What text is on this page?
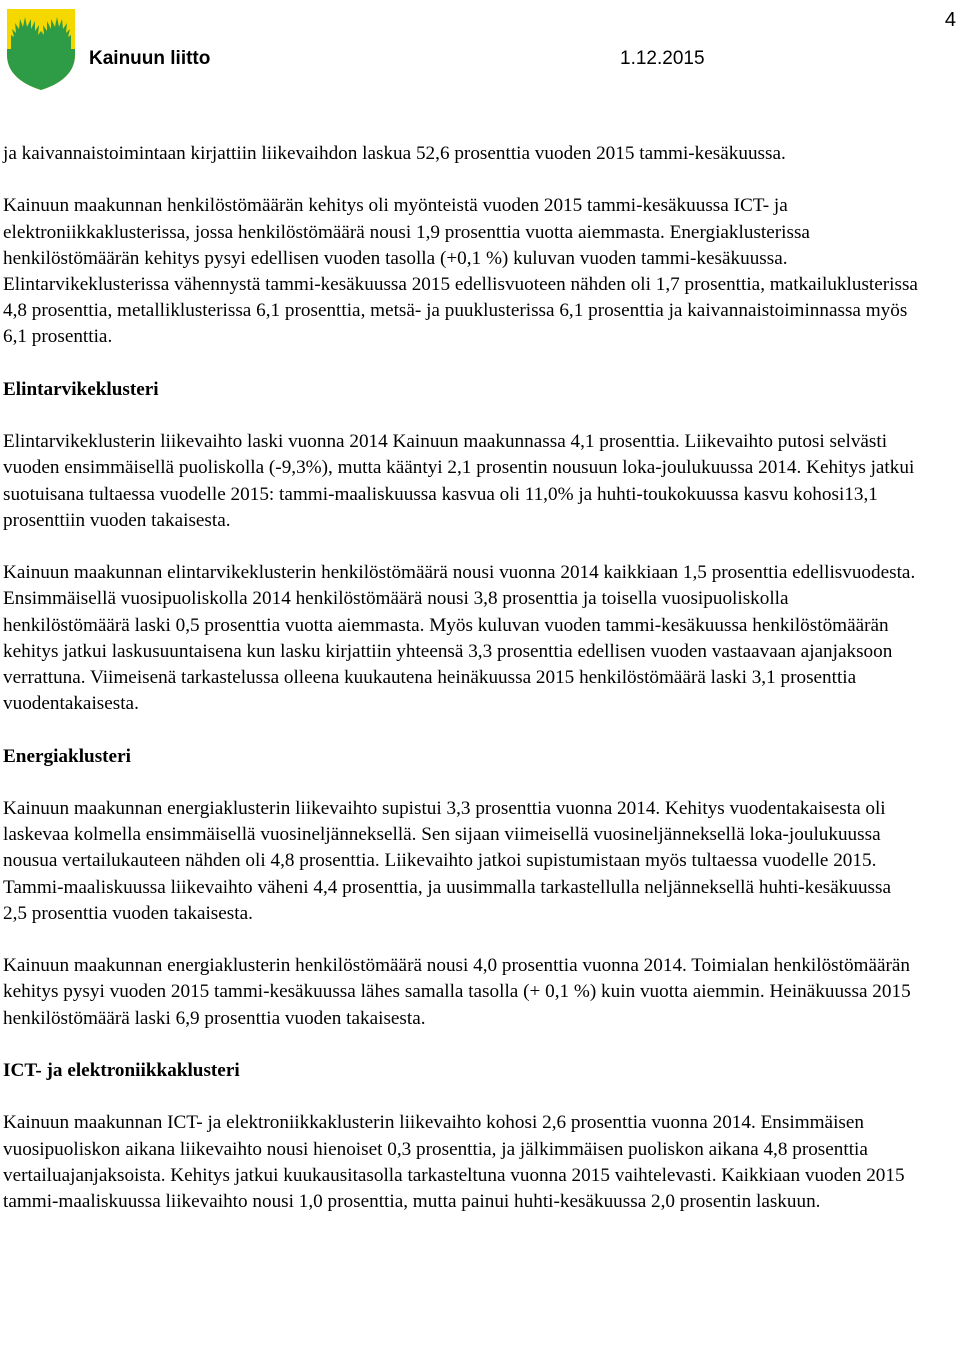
4
Kainuun liitto	1.12.2015

ja kaivannaistoimintaan kirjattiin liikevaihdon laskua 52,6 prosenttia vuoden 2015 tammi-kesäkuussa.

Kainuun maakunnan henkilöstömäärän kehitys oli myönteistä vuoden 2015 tammi-kesäkuussa ICT- ja elektroniikkaklusterissa, jossa henkilöstömäärä nousi 1,9 prosenttia vuotta aiemmasta. Energiaklusterissa henkilöstömäärän kehitys pysyi edellisen vuoden tasolla (+0,1 %) kuluvan vuoden tammi-kesäkuussa. Elintarvikeklusterissa vähennystä tammi-kesäkuussa 2015 edellisvuoteen nähden oli 1,7 prosenttia, matkailuklusterissa 4,8 prosenttia, metalliklusterissa 6,1 prosenttia, metsä- ja puuklusterissa 6,1 prosenttia ja kaivannaistoiminnassa myös 6,1 prosenttia.

Elintarvikeklusteri

Elintarvikeklusterin liikevaihto laski vuonna 2014 Kainuun maakunnassa 4,1 prosenttia. Liikevaihto putosi selvästi vuoden ensimmäisellä puoliskolla (-9,3%), mutta kääntyi 2,1 prosentin nousuun loka-joulukuussa 2014. Kehitys jatkui suotuisana tultaessa vuodelle 2015: tammi-maaliskuussa kasvua oli 11,0% ja huhti-toukokuussa kasvu kohosi13,1 prosenttiin vuoden takaisesta.

Kainuun maakunnan elintarvikeklusterin henkilöstömäärä nousi vuonna 2014 kaikkiaan 1,5 prosenttia edellisvuodesta. Ensimmäisellä vuosipuoliskolla 2014 henkilöstömäärä nousi 3,8 prosenttia ja toisella vuosipuoliskolla henkilöstömäärä laski 0,5 prosenttia vuotta aiemmasta. Myös kuluvan vuoden tammi-kesäkuussa henkilöstömäärän kehitys jatkui laskusuuntaisena kun lasku kirjattiin yhteensä 3,3 prosenttia edellisen vuoden vastaavaan ajanjaksoon verrattuna. Viimeisenä tarkastelussa olleena kuukautena heinäkuussa 2015 henkilöstömäärä laski 3,1 prosenttia vuodentakaisesta.

Energiaklusteri

Kainuun maakunnan energiaklusterin liikevaihto supistui 3,3 prosenttia vuonna 2014. Kehitys vuodentakaisesta oli laskevaa kolmella ensimmäisellä vuosineljänneksellä. Sen sijaan viimeisellä vuosineljänneksellä loka-joulukuussa nousua vertailukauteen nähden oli 4,8 prosenttia. Liikevaihto jatkoi supistumistaan myös tultaessa vuodelle 2015. Tammi-maaliskuussa liikevaihto väheni 4,4 prosenttia, ja uusimmalla tarkastellulla neljänneksellä huhti-kesäkuussa 2,5 prosenttia vuoden takaisesta.

Kainuun maakunnan energiaklusterin henkilöstömäärä nousi 4,0 prosenttia vuonna 2014. Toimialan henkilöstömäärän kehitys pysyi vuoden 2015 tammi-kesäkuussa lähes samalla tasolla (+ 0,1 %) kuin vuotta aiemmin. Heinäkuussa 2015 henkilöstömäärä laski 6,9 prosenttia vuoden takaisesta.

ICT- ja elektroniikkaklusteri

Kainuun maakunnan ICT- ja elektroniikkaklusterin liikevaihto kohosi 2,6 prosenttia vuonna 2014. Ensimmäisen vuosipuoliskon aikana liikevaihto nousi hienoiset 0,3 prosenttia, ja jälkimmäisen puoliskon aikana 4,8 prosenttia vertailuajanjaksoista. Kehitys jatkui kuukausitasolla tarkasteltuna vuonna 2015 vaihtelevasti. Kaikkiaan vuoden 2015 tammi-maaliskuussa liikevaihto nousi 1,0 prosenttia, mutta painui huhti-kesäkuussa 2,0 prosentin laskuun.
